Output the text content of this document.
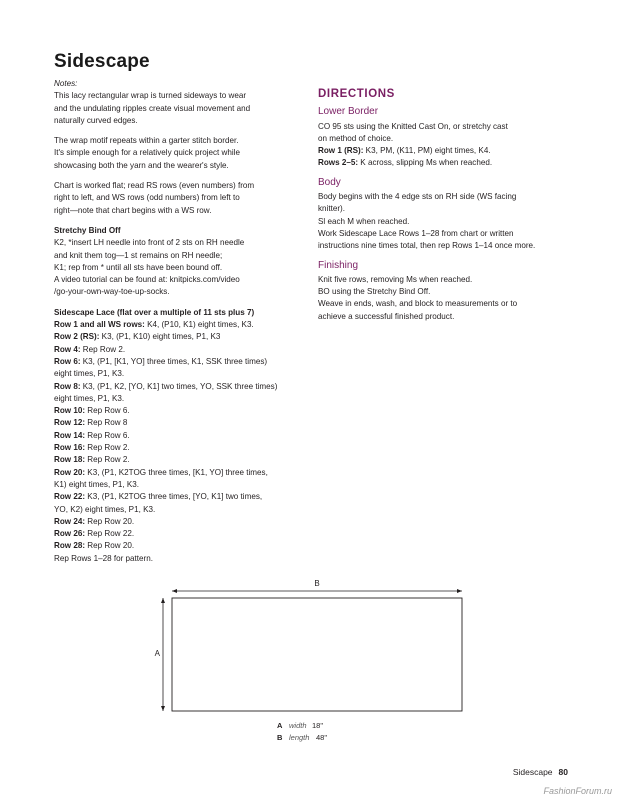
Sidescape
Notes:
This lacy rectangular wrap is turned sideways to wear
and the undulating ripples create visual movement and
naturally curved edges.
The wrap motif repeats within a garter stitch border.
It's simple enough for a relatively quick project while
showcasing both the yarn and the wearer's style.
Chart is worked flat; read RS rows (even numbers) from
right to left, and WS rows (odd numbers) from left to
right—note that chart begins with a WS row.
Stretchy Bind Off
K2, *insert LH needle into front of 2 sts on RH needle
and knit them tog—1 st remains on RH needle;
K1; rep from * until all sts have been bound off.
A video tutorial can be found at: knitpicks.com/video
/go-your-own-way-toe-up-socks.
Sidescape Lace (flat over a multiple of 11 sts plus 7)
Row 1 and all WS rows: K4, (P10, K1) eight times, K3.
Row 2 (RS): K3, (P1, K10) eight times, P1, K3
Row 4: Rep Row 2.
Row 6: K3, (P1, [K1, YO] three times, K1, SSK three times)
eight times, P1, K3.
Row 8: K3, (P1, K2, [YO, K1] two times, YO, SSK three times)
eight times, P1, K3.
Row 10: Rep Row 6.
Row 12: Rep Row 8
Row 14: Rep Row 6.
Row 16: Rep Row 2.
Row 18: Rep Row 2.
Row 20: K3, (P1, K2TOG three times, [K1, YO] three times,
K1) eight times, P1, K3.
Row 22: K3, (P1, K2TOG three times, [YO, K1] two times,
YO, K2) eight times, P1, K3.
Row 24: Rep Row 20.
Row 26: Rep Row 22.
Row 28: Rep Row 20.
Rep Rows 1–28 for pattern.
DIRECTIONS
Lower Border
CO 95 sts using the Knitted Cast On, or stretchy cast
on method of choice.
Row 1 (RS): K3, PM, (K11, PM) eight times, K4.
Rows 2–5: K across, slipping Ms when reached.
Body
Body begins with the 4 edge sts on RH side (WS facing
knitter).
Sl each M when reached.
Work Sidescape Lace Rows 1–28 from chart or written
instructions nine times total, then rep Rows 1–14 once more.
Finishing
Knit five rows, removing Ms when reached.
BO using the Stretchy Bind Off.
Weave in ends, wash, and block to measurements or to
achieve a successful finished product.
B
A
A width 18"
B length 48"
Sidescape 80
FashionForum.ru
